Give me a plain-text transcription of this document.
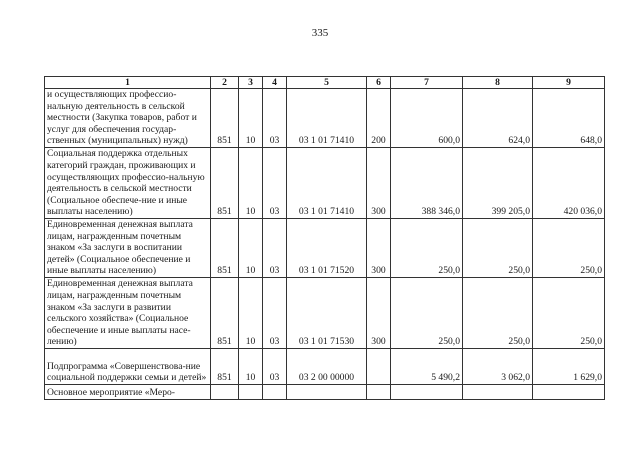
335
1	2	3	4	5	6	7	8	9
и осуществляющих профессио-нальную деятельность в сельской местности (Закупка товаров, работ и услуг для обеспечения государ-ственных (муниципальных) нужд)	851	10	03	03 1 01 71410	200	600,0	624,0	648,0
Социальная поддержка отдельных категорий граждан, проживающих и осуществляющих профессио-нальную деятельность в сельской местности (Социальное обеспече-ние и иные выплаты населению)	851	10	03	03 1 01 71410	300	388 346,0	399 205,0	420 036,0
Единовременная денежная выплата лицам, награжденным почетным знаком «За заслуги в воспитании детей» (Социальное обеспечение и иные выплаты населению)	851	10	03	03 1 01 71520	300	250,0	250,0	250,0
Единовременная денежная выплата лицам, награжденным почетным знаком «За заслуги в развитии сельского хозяйства» (Социальное обеспечение и иные выплаты насе-лению)	851	10	03	03 1 01 71530	300	250,0	250,0	250,0
Подпрограмма «Совершенствова-ние социальной поддержки семьи и детей»	851	10	03	03 2 00 00000		5 490,2	3 062,0	1 629,0
Основное мероприятие «Меро-								
